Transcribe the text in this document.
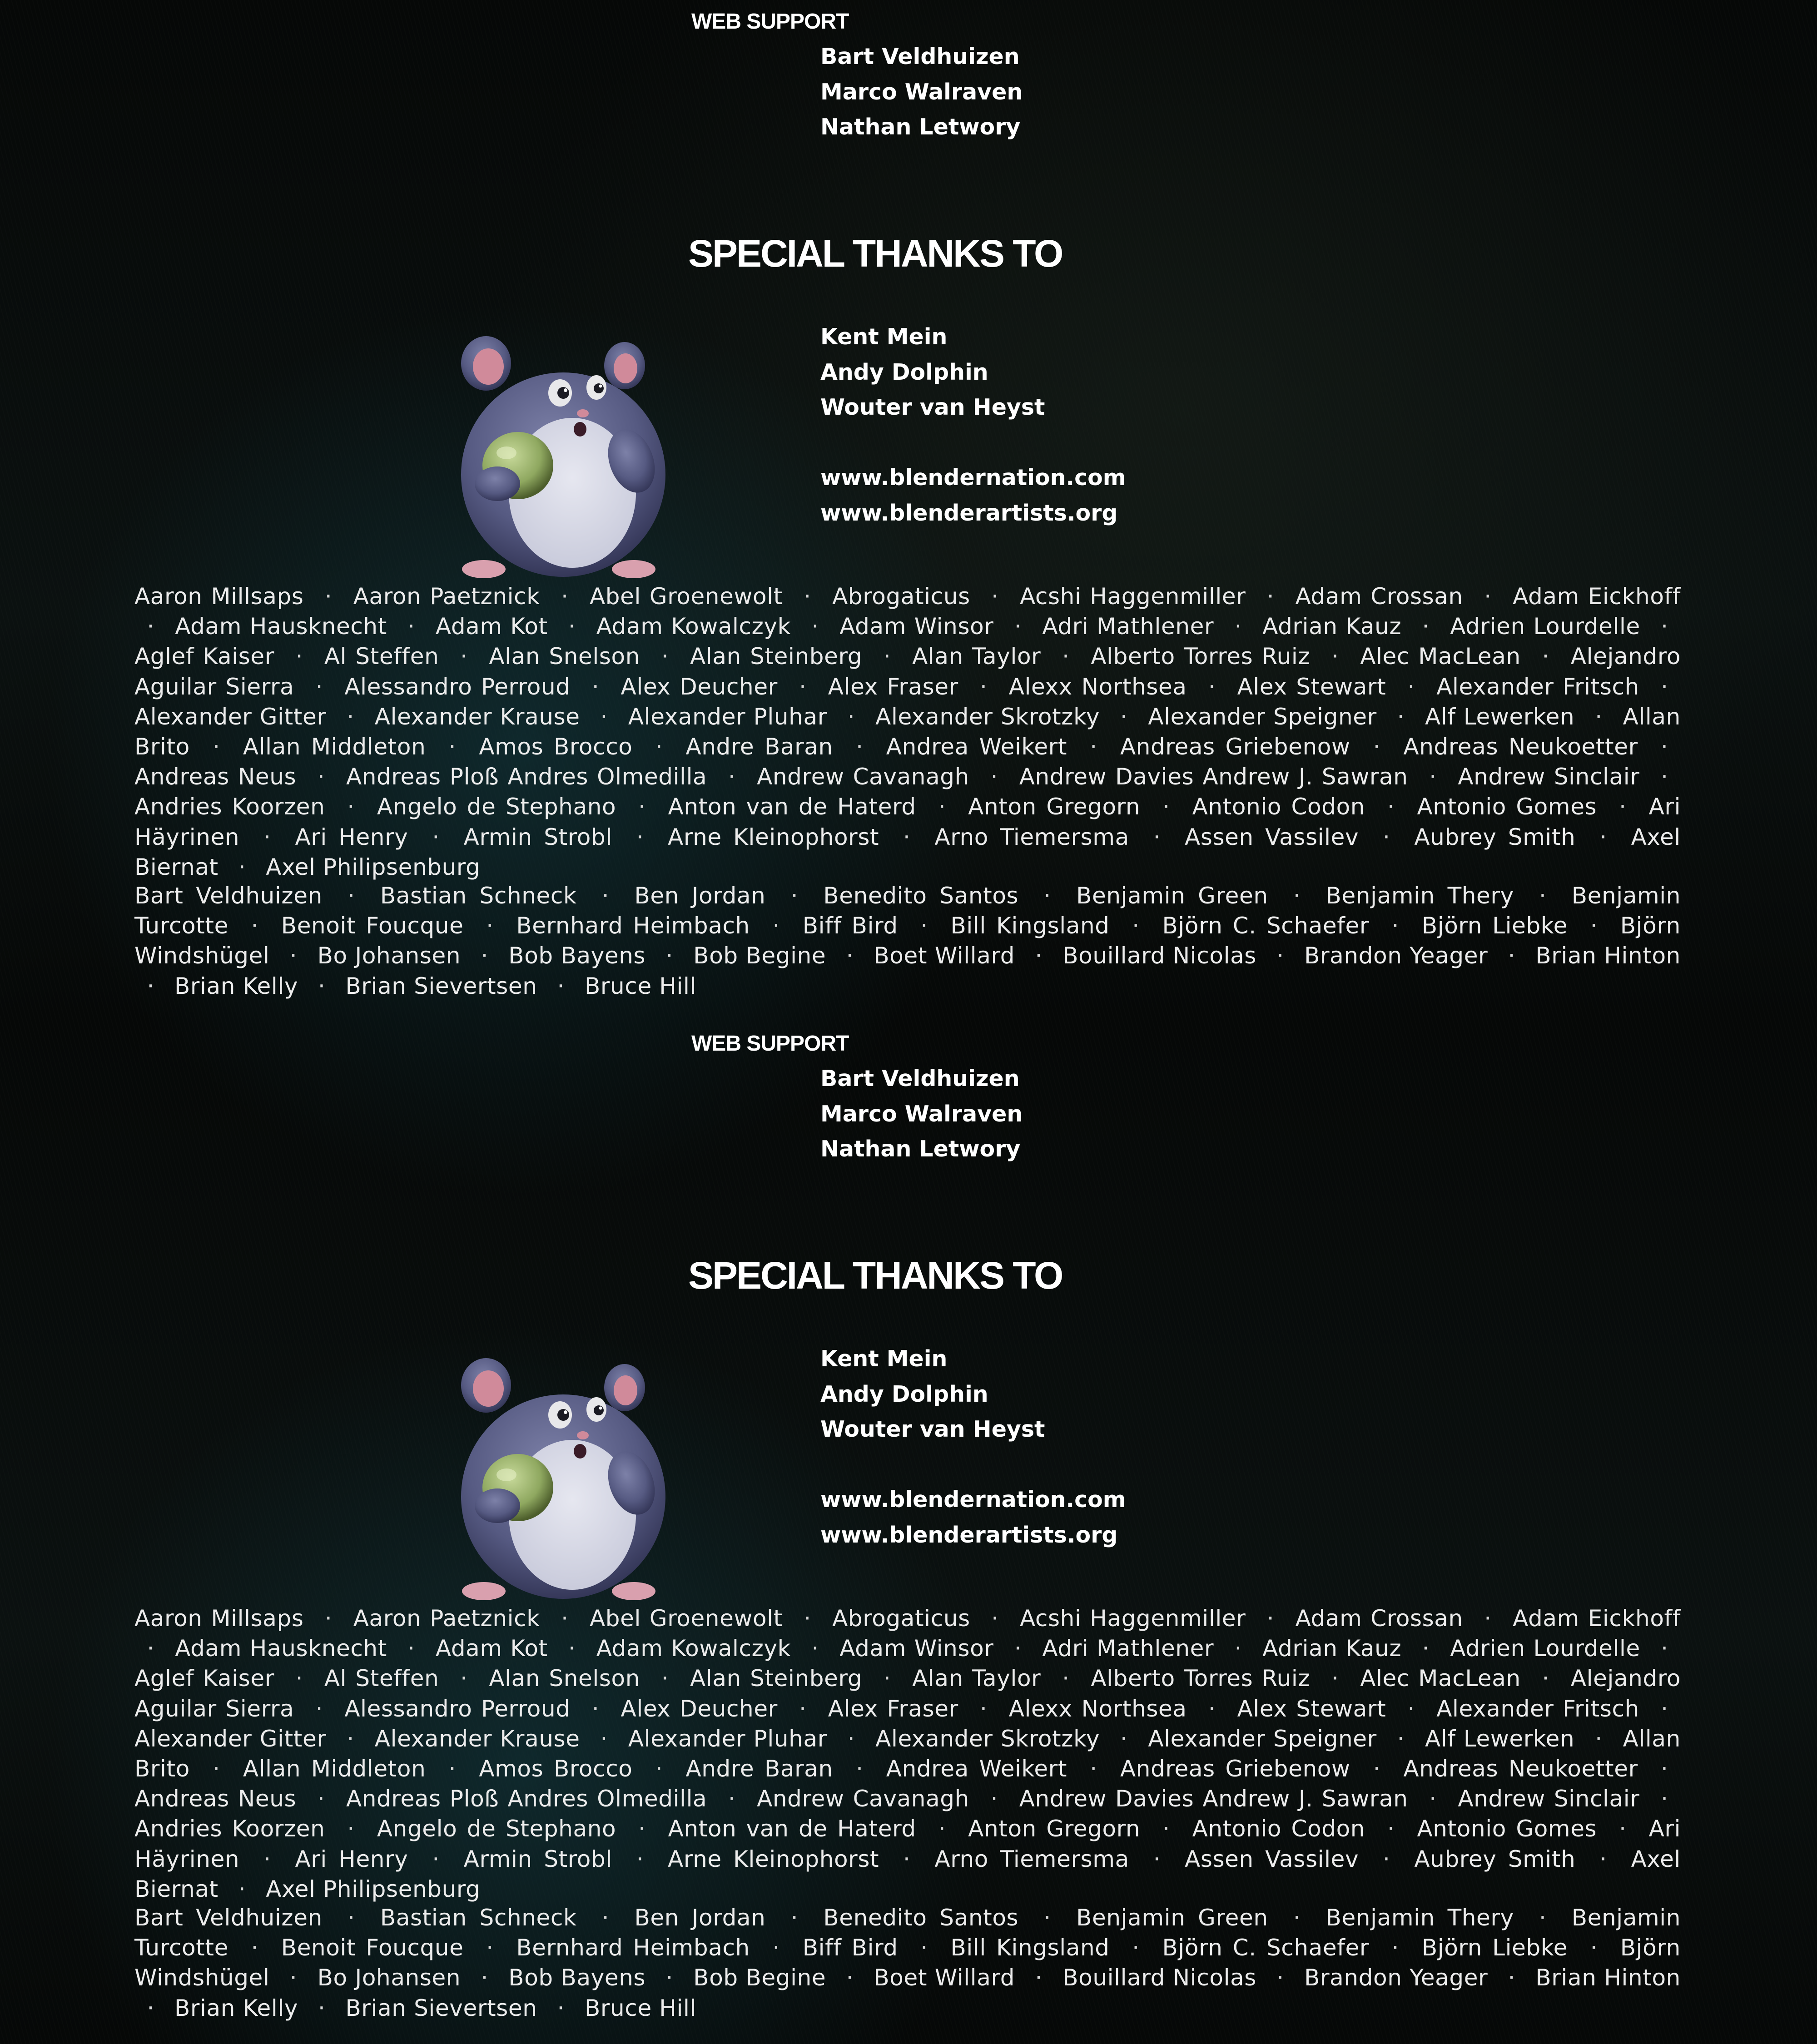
WEB SUPPORT
Bart Veldhuizen
Marco Walraven
Nathan Letwory
SPECIAL THANKS TO
Kent Mein
Andy Dolphin
Wouter van Heyst
www.blendernation.com
www.blenderartists.org

Aaron Millsaps · Aaron Paetznick · Abel Groenewolt · Abrogaticus · Acshi Haggenmiller · Adam Crossan · Adam Eickhoff · Adam Hausknecht · Adam Kot · Adam Kowalczyk · Adam Winsor · Adri Mathlener · Adrian Kauz · Adrien Lourdelle · Aglef Kaiser · Al Steffen · Alan Snelson · Alan Steinberg · Alan Taylor · Alberto Torres Ruiz · Alec MacLean · Alejandro Aguilar Sierra · Alessandro Perroud · Alex Deucher · Alex Fraser · Alexx Northsea · Alex Stewart · Alexander Fritsch · Alexander Gitter · Alexander Krause · Alexander Pluhar · Alexander Skrotzky · Alexander Speigner · Alf Lewerken · Allan Brito · Allan Middleton · Amos Brocco · Andre Baran · Andrea Weikert · Andreas Griebenow · Andreas Neukoetter · Andreas Neus · Andreas Ploß Andres Olmedilla · Andrew Cavanagh · Andrew Davies Andrew J. Sawran · Andrew Sinclair · Andries Koorzen · Angelo de Stephano · Anton van de Haterd · Anton Gregorn · Antonio Codon · Antonio Gomes · Ari Häyrinen · Ari Henry · Armin Strobl · Arne Kleinophorst · Arno Tiemersma · Assen Vassilev · Aubrey Smith · Axel Biernat · Axel Philipsenburg

Bart Veldhuizen · Bastian Schneck · Ben Jordan · Benedito Santos · Benjamin Green · Benjamin Thery · Benjamin Turcotte · Benoit Foucque · Bernhard Heimbach · Biff Bird · Bill Kingsland · Björn C. Schaefer · Björn Liebke · Björn Windshügel · Bo Johansen · Bob Bayens · Bob Begine · Boet Willard · Bouillard Nicolas · Brandon Yeager · Brian Hinton · Brian Kelly · Brian Sievertsen · Bruce Hill

WEB SUPPORT
Bart Veldhuizen
Marco Walraven
Nathan Letwory
SPECIAL THANKS TO
Kent Mein
Andy Dolphin
Wouter van Heyst
www.blendernation.com
www.blenderartists.org

Aaron Millsaps · Aaron Paetznick · Abel Groenewolt · Abrogaticus · Acshi Haggenmiller · Adam Crossan · Adam Eickhoff · Adam Hausknecht · Adam Kot · Adam Kowalczyk · Adam Winsor · Adri Mathlener · Adrian Kauz · Adrien Lourdelle · Aglef Kaiser · Al Steffen · Alan Snelson · Alan Steinberg · Alan Taylor · Alberto Torres Ruiz · Alec MacLean · Alejandro Aguilar Sierra · Alessandro Perroud · Alex Deucher · Alex Fraser · Alexx Northsea · Alex Stewart · Alexander Fritsch · Alexander Gitter · Alexander Krause · Alexander Pluhar · Alexander Skrotzky · Alexander Speigner · Alf Lewerken · Allan Brito · Allan Middleton · Amos Brocco · Andre Baran · Andrea Weikert · Andreas Griebenow · Andreas Neukoetter · Andreas Neus · Andreas Ploß Andres Olmedilla · Andrew Cavanagh · Andrew Davies Andrew J. Sawran · Andrew Sinclair · Andries Koorzen · Angelo de Stephano · Anton van de Haterd · Anton Gregorn · Antonio Codon · Antonio Gomes · Ari Häyrinen · Ari Henry · Armin Strobl · Arne Kleinophorst · Arno Tiemersma · Assen Vassilev · Aubrey Smith · Axel Biernat · Axel Philipsenburg

Bart Veldhuizen · Bastian Schneck · Ben Jordan · Benedito Santos · Benjamin Green · Benjamin Thery · Benjamin Turcotte · Benoit Foucque · Bernhard Heimbach · Biff Bird · Bill Kingsland · Björn C. Schaefer · Björn Liebke · Björn Windshügel · Bo Johansen · Bob Bayens · Bob Begine · Boet Willard · Bouillard Nicolas · Brandon Yeager · Brian Hinton · Brian Kelly · Brian Sievertsen · Bruce Hill
